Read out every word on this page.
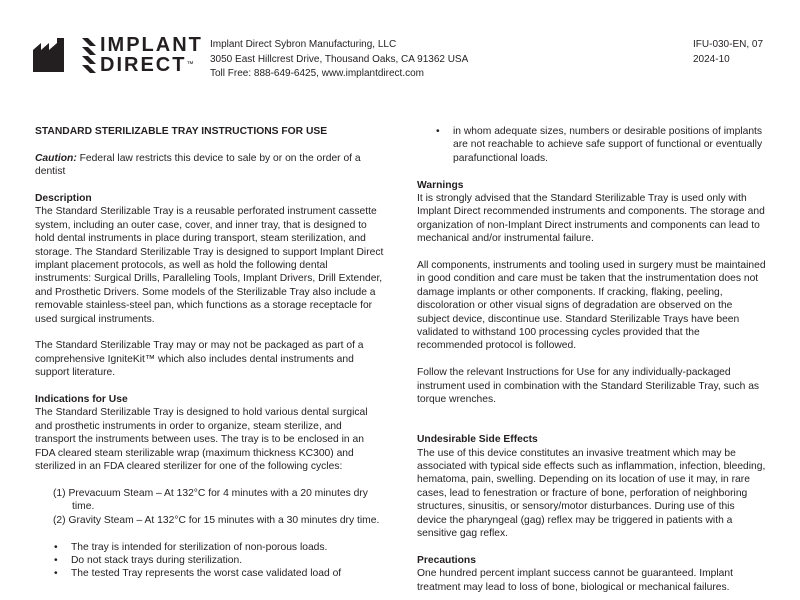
IMPLANT
DIRECT™
Implant Direct Sybron Manufacturing, LLC
3050 East Hillcrest Drive, Thousand Oaks, CA 91362 USA
Toll Free: 888-649-6425, www.implantdirect.com
IFU-030-EN, 07
2024-10

STANDARD STERILIZABLE TRAY INSTRUCTIONS FOR USE

Caution: Federal law restricts this device to sale by or on the order of a dentist

Description

The Standard Sterilizable Tray is a reusable perforated instrument cassette system, including an outer case, cover, and inner tray, that is designed to hold dental instruments in place during transport, steam sterilization, and storage. The Standard Sterilizable Tray is designed to support Implant Direct implant placement protocols, as well as hold the following dental instruments: Surgical Drills, Paralleling Tools, Implant Drivers, Drill Extender, and Prosthetic Drivers. Some models of the Sterilizable Tray also include a removable stainless-steel pan, which functions as a storage receptacle for used surgical instruments.

The Standard Sterilizable Tray may or may not be packaged as part of a comprehensive IgniteKit™ which also includes dental instruments and support literature.

Indications for Use

The Standard Sterilizable Tray is designed to hold various dental surgical and prosthetic instruments in order to organize, steam sterilize, and transport the instruments between uses. The tray is to be enclosed in an FDA cleared steam sterilizable wrap (maximum thickness KC300) and sterilized in an FDA cleared sterilizer for one of the following cycles:

(1) Prevacuum Steam – At 132°C for 4 minutes with a 20 minutes dry time.
(2) Gravity Steam – At 132°C for 15 minutes with a 30 minutes dry time.
• The tray is intended for sterilization of non-porous loads.
• Do not stack trays during sterilization.
• The tested Tray represents the worst case validated load of
• in whom adequate sizes, numbers or desirable positions of implants are not reachable to achieve safe support of functional or eventually parafunctional loads.
Warnings

It is strongly advised that the Standard Sterilizable Tray is used only with Implant Direct recommended instruments and components. The storage and organization of non-Implant Direct instruments and components can lead to mechanical and/or instrumental failure.

All components, instruments and tooling used in surgery must be maintained in good condition and care must be taken that the instrumentation does not damage implants or other components. If cracking, flaking, peeling, discoloration or other visual signs of degradation are observed on the subject device, discontinue use. Standard Sterilizable Trays have been validated to withstand 100 processing cycles provided that the recommended protocol is followed.

Follow the relevant Instructions for Use for any individually-packaged instrument used in combination with the Standard Sterilizable Tray, such as torque wrenches.

Undesirable Side Effects

The use of this device constitutes an invasive treatment which may be associated with typical side effects such as inflammation, infection, bleeding, hematoma, pain, swelling. Depending on its location of use it may, in rare cases, lead to fenestration or fracture of bone, perforation of neighboring structures, sinusitis, or sensory/motor disturbances. During use of this device the pharyngeal (gag) reflex may be triggered in patients with a sensitive gag reflex.

Precautions

One hundred percent implant success cannot be guaranteed. Implant treatment may lead to loss of bone, biological or mechanical failures.
